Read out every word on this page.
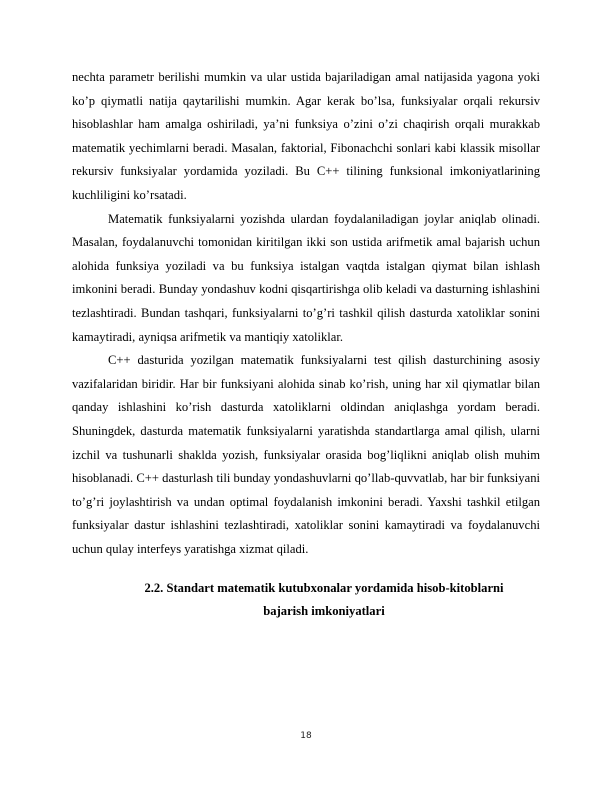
nechta parametr berilishi mumkin va ular ustida bajariladigan amal natijasida yagona yoki ko’p qiymatli natija qaytarilishi mumkin. Agar kerak bo’lsa, funksiyalar orqali rekursiv hisoblashlar ham amalga oshiriladi, ya’ni funksiya o’zini o’zi chaqirish orqali murakkab matematik yechimlarni beradi. Masalan, faktorial, Fibonachchi sonlari kabi klassik misollar rekursiv funksiyalar yordamida yoziladi. Bu C++ tilining funksional imkoniyatlarining kuchliligini ko’rsatadi.

Matematik funksiyalarni yozishda ulardan foydalaniladigan joylar aniqlab olinadi. Masalan, foydalanuvchi tomonidan kiritilgan ikki son ustida arifmetik amal bajarish uchun alohida funksiya yoziladi va bu funksiya istalgan vaqtda istalgan qiymat bilan ishlash imkonini beradi. Bunday yondashuv kodni qisqartirishga olib keladi va dasturning ishlashini tezlashtiradi. Bundan tashqari, funksiyalarni to’g’ri tashkil qilish dasturda xatoliklar sonini kamaytiradi, ayniqsa arifmetik va mantiqiy xatoliklar.

C++ dasturida yozilgan matematik funksiyalarni test qilish dasturchining asosiy vazifalaridan biridir. Har bir funksiyani alohida sinab ko’rish, uning har xil qiymatlar bilan qanday ishlashini ko’rish dasturda xatoliklarni oldindan aniqlashga yordam beradi. Shuningdek, dasturda matematik funksiyalarni yaratishda standartlarga amal qilish, ularni izchil va tushunarli shaklda yozish, funksiyalar orasida bog’liqlikni aniqlab olish muhim hisoblanadi. C++ dasturlash tili bunday yondashuvlarni qo’llab-quvvatlab, har bir funksiyani to’g’ri joylashtirish va undan optimal foydalanish imkonini beradi. Yaxshi tashkil etilgan funksiyalar dastur ishlashini tezlashtiradi, xatoliklar sonini kamaytiradi va foydalanuvchi uchun qulay interfeys yaratishga xizmat qiladi.

2.2. Standart matematik kutubxonalar yordamida hisob-kitoblarni
bajarish imkoniyatlari
18
